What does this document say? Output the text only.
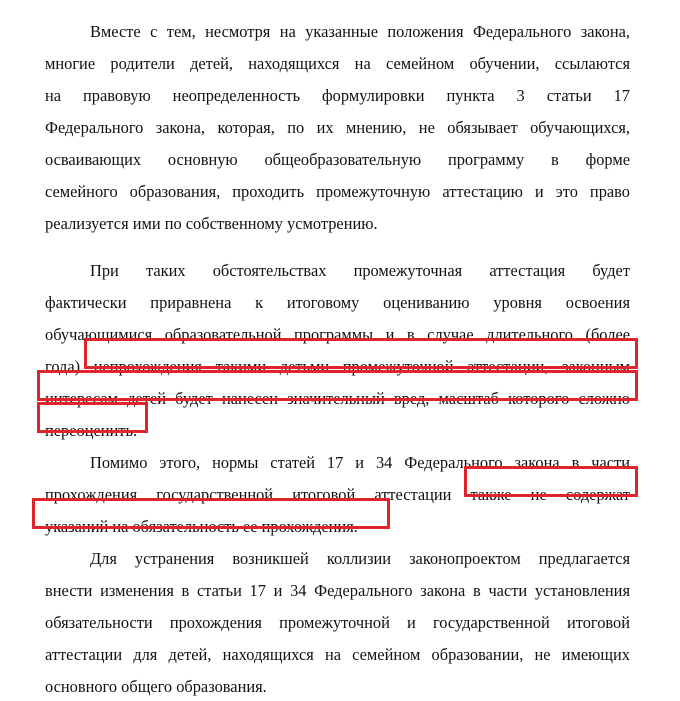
Вместе с тем, несмотря на указанные положения Федерального закона,
многие родители детей, находящихся на семейном обучении, ссылаются
на правовую неопределенность формулировки пункта 3 статьи 17
Федерального закона, которая, по их мнению, не обязывает обучающихся,
осваивающих основную общеобразовательную программу в форме
семейного образования, проходить промежуточную аттестацию и это право
реализуется ими по собственному усмотрению.
При таких обстоятельствах промежуточная аттестация будет
фактически приравнена к итоговому оцениванию уровня освоения
обучающимися образовательной программы и в случае длительного (более
года) непрохождения такими детьми промежуточной аттестации, законным
интересам детей будет нанесен значительный вред, масштаб которого сложно
переоценить.
Помимо этого, нормы статей 17 и 34 Федерального закона в части
прохождения государственной итоговой аттестации также не содержат
указаний на обязательность ее прохождения.
Для устранения возникшей коллизии законопроектом предлагается
внести изменения в статьи 17 и 34 Федерального закона в части установления
обязательности прохождения промежуточной и государственной итоговой
аттестации для детей, находящихся на семейном образовании, не имеющих
основного общего образования.
